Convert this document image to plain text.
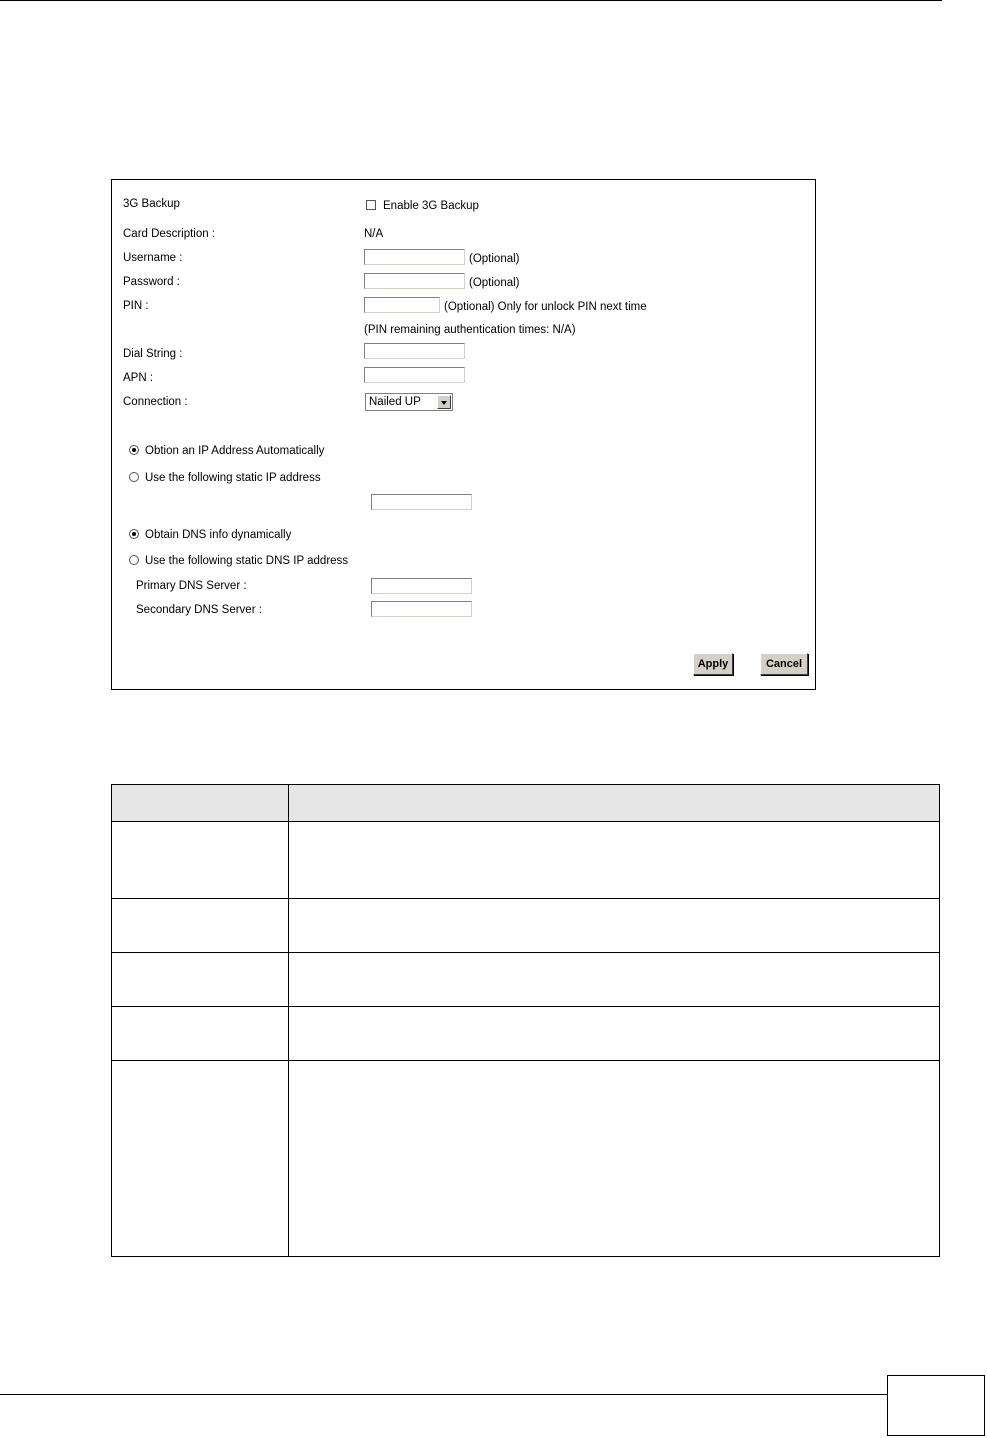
3G Backup	Enable 3G Backup
Card Description :	N/A
Username :	(Optional)
Password :	(Optional)
PIN :	(Optional) Only for unlock PIN next time
(PIN remaining authentication times: N/A)
Dial String :
APN :
Connection :	Nailed UP
Obtion an IP Address Automatically
Use the following static IP address
Obtain DNS info dynamically
Use the following static DNS IP address
Primary DNS Server :
Secondary DNS Server :
Apply	Cancel
